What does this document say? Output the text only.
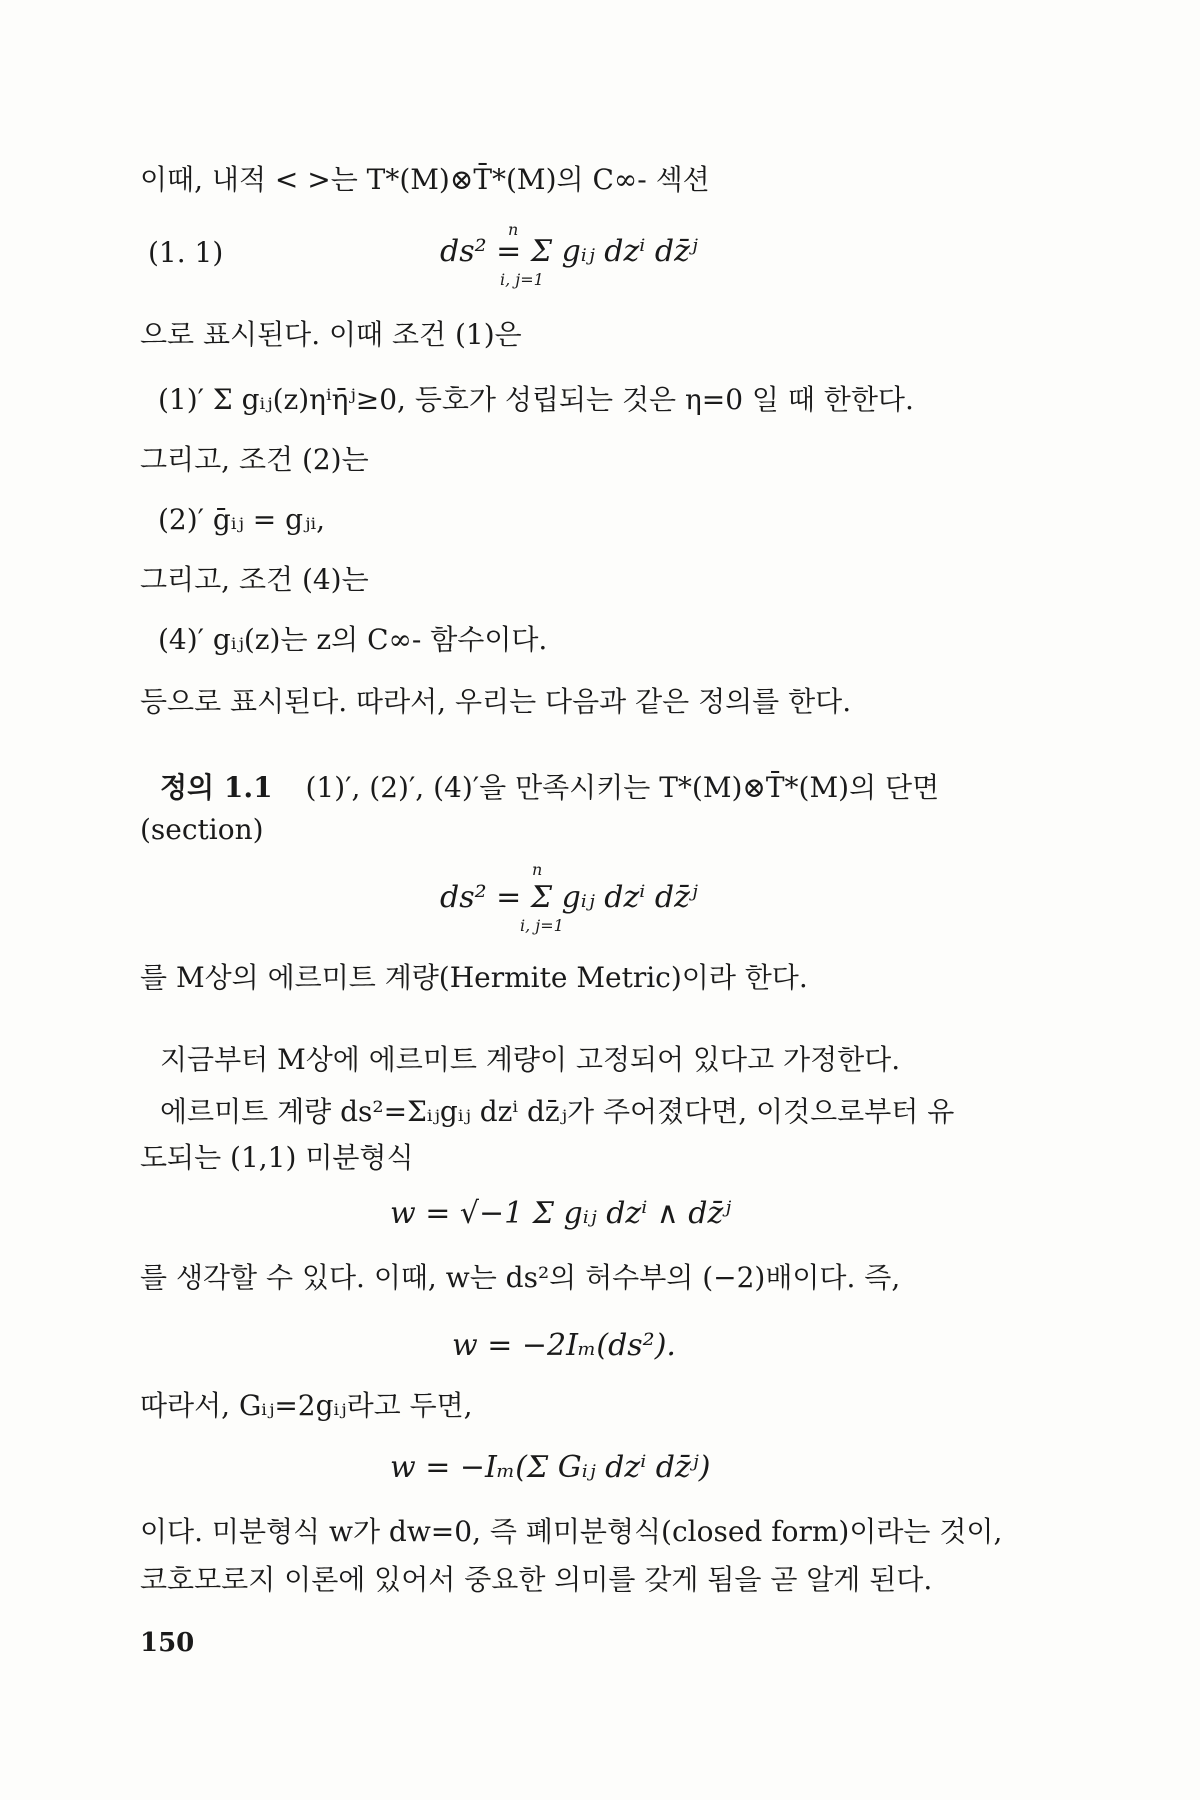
이때, 내적 < >는 T*(M)⊗T̄*(M)의 C∞- 섹션
(1. 1)
n
ds² = Σ gᵢⱼ dzⁱ dz̄ʲ
i, j=1
으로 표시된다. 이때 조건 (1)은
(1)′ Σ gᵢⱼ(z)ηⁱη̄ʲ≥0, 등호가 성립되는 것은 η=0 일 때 한한다.
그리고, 조건 (2)는
(2)′ ḡᵢⱼ = gⱼᵢ,
그리고, 조건 (4)는
(4)′ gᵢⱼ(z)는 z의 C∞- 함수이다.
등으로 표시된다. 따라서, 우리는 다음과 같은 정의를 한다.
정의 1.1 (1)′, (2)′, (4)′을 만족시키는 T*(M)⊗T̄*(M)의 단면
(section)
n
ds² = Σ gᵢⱼ dzⁱ dz̄ʲ
i, j=1
를 M상의 에르미트 계량(Hermite Metric)이라 한다.
지금부터 M상에 에르미트 계량이 고정되어 있다고 가정한다.
에르미트 계량 ds²=Σᵢⱼgᵢⱼ dzⁱ dz̄ⱼ가 주어졌다면, 이것으로부터 유
도되는 (1,1) 미분형식
w = √−1 Σ gᵢⱼ dzⁱ ∧ dz̄ʲ
를 생각할 수 있다. 이때, w는 ds²의 허수부의 (−2)배이다. 즉,
w = −2Iₘ(ds²).
따라서, Gᵢⱼ=2gᵢⱼ라고 두면,
w = −Iₘ(Σ Gᵢⱼ dzⁱ dz̄ʲ)
이다. 미분형식 w가 dw=0, 즉 폐미분형식(closed form)이라는 것이,
코호모로지 이론에 있어서 중요한 의미를 갖게 됨을 곧 알게 된다.
150
